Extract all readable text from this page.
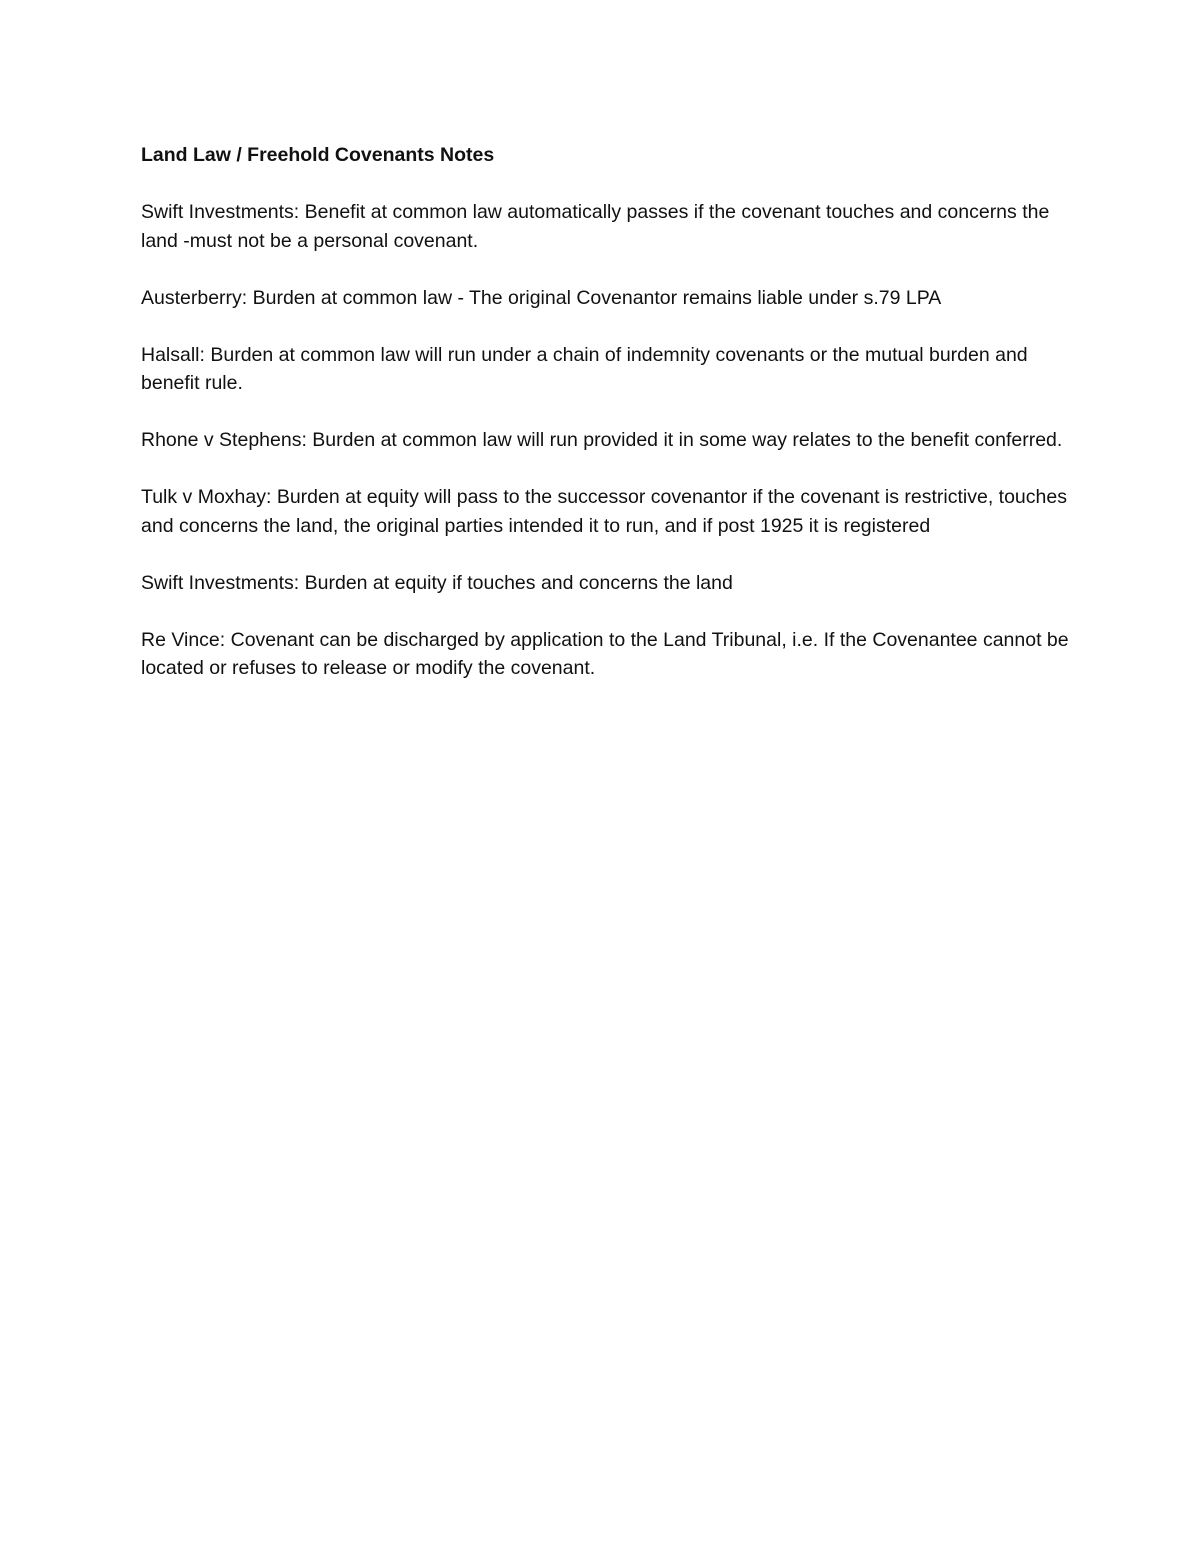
Land Law / Freehold Covenants Notes

Swift Investments: Benefit at common law automatically passes if the covenant touches and concerns the land -must not be a personal covenant.

Austerberry: Burden at common law - The original Covenantor remains liable under s.79 LPA

Halsall: Burden at common law will run under a chain of indemnity covenants or the mutual burden and benefit rule.

Rhone v Stephens: Burden at common law will run provided it in some way relates to the benefit conferred.

Tulk v Moxhay: Burden at equity will pass to the successor covenantor if the covenant is restrictive, touches and concerns the land, the original parties intended it to run, and if post 1925 it is registered

Swift Investments: Burden at equity if touches and concerns the land

Re Vince: Covenant can be discharged by application to the Land Tribunal, i.e. If the Covenantee cannot be located or refuses to release or modify the covenant.
